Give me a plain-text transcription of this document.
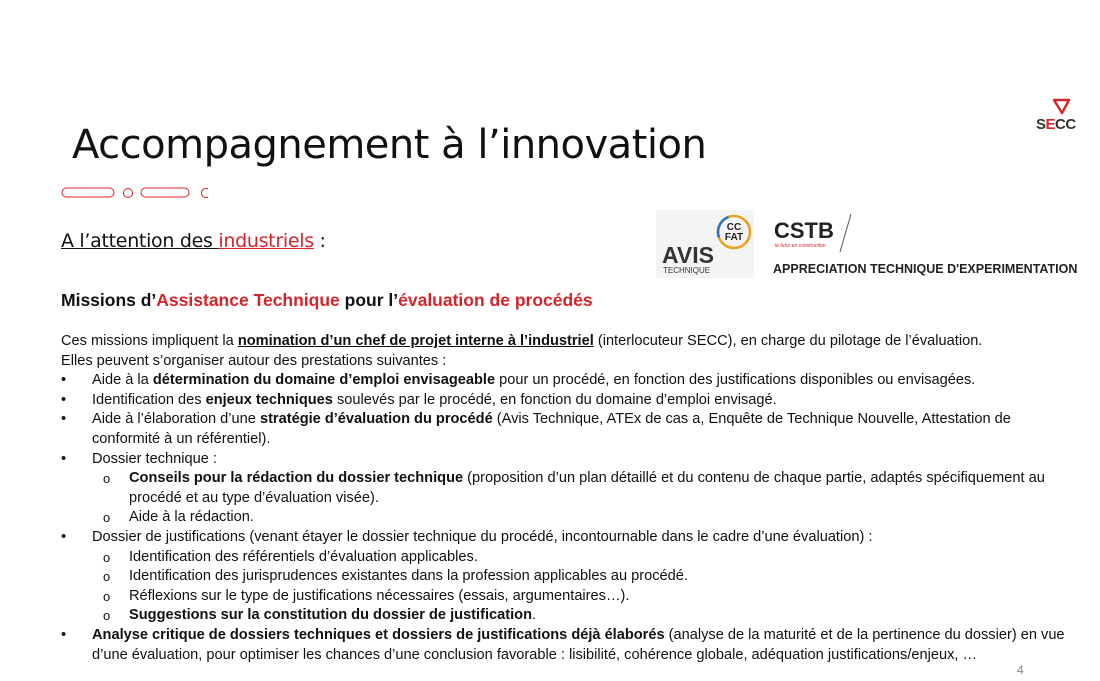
Accompagnement à l’innovation	SECC
CC
FAT
AVIS
TECHNIQUE
CSTB
le futur en construction
APPRECIATION TECHNIQUE D'EXPERIMENTATION
A l’attention des industriels :
Missions d’Assistance Technique pour l’évaluation de procédés

Ces missions impliquent la nomination d’un chef de projet interne à l’industriel (interlocuteur SECC), en charge du pilotage de l’évaluation.

Elles peuvent s’organiser autour des prestations suivantes :

• Aide à la détermination du domaine d’emploi envisageable pour un procédé, en fonction des justifications disponibles ou envisagées.
• Identification des enjeux techniques soulevés par le procédé, en fonction du domaine d’emploi envisagé.
• Aide à l’élaboration d’une stratégie d’évaluation du procédé (Avis Technique, ATEx de cas a, Enquête de Technique Nouvelle, Attestation de conformité à un référentiel).
• Dossier technique :
o Conseils pour la rédaction du dossier technique (proposition d’un plan détaillé et du contenu de chaque partie, adaptés spécifiquement au procédé et au type d’évaluation visée).
o Aide à la rédaction.
• Dossier de justifications (venant étayer le dossier technique du procédé, incontournable dans le cadre d’une évaluation) :
o Identification des référentiels d’évaluation applicables.
o Identification des jurisprudences existantes dans la profession applicables au procédé.
o Réflexions sur le type de justifications nécessaires (essais, argumentaires…).
o Suggestions sur la constitution du dossier de justification.
• Analyse critique de dossiers techniques et dossiers de justifications déjà élaborés (analyse de la maturité et de la pertinence du dossier) en vue d’une évaluation, pour optimiser les chances d’une conclusion favorable : lisibilité, cohérence globale, adéquation justifications/enjeux, …
4
